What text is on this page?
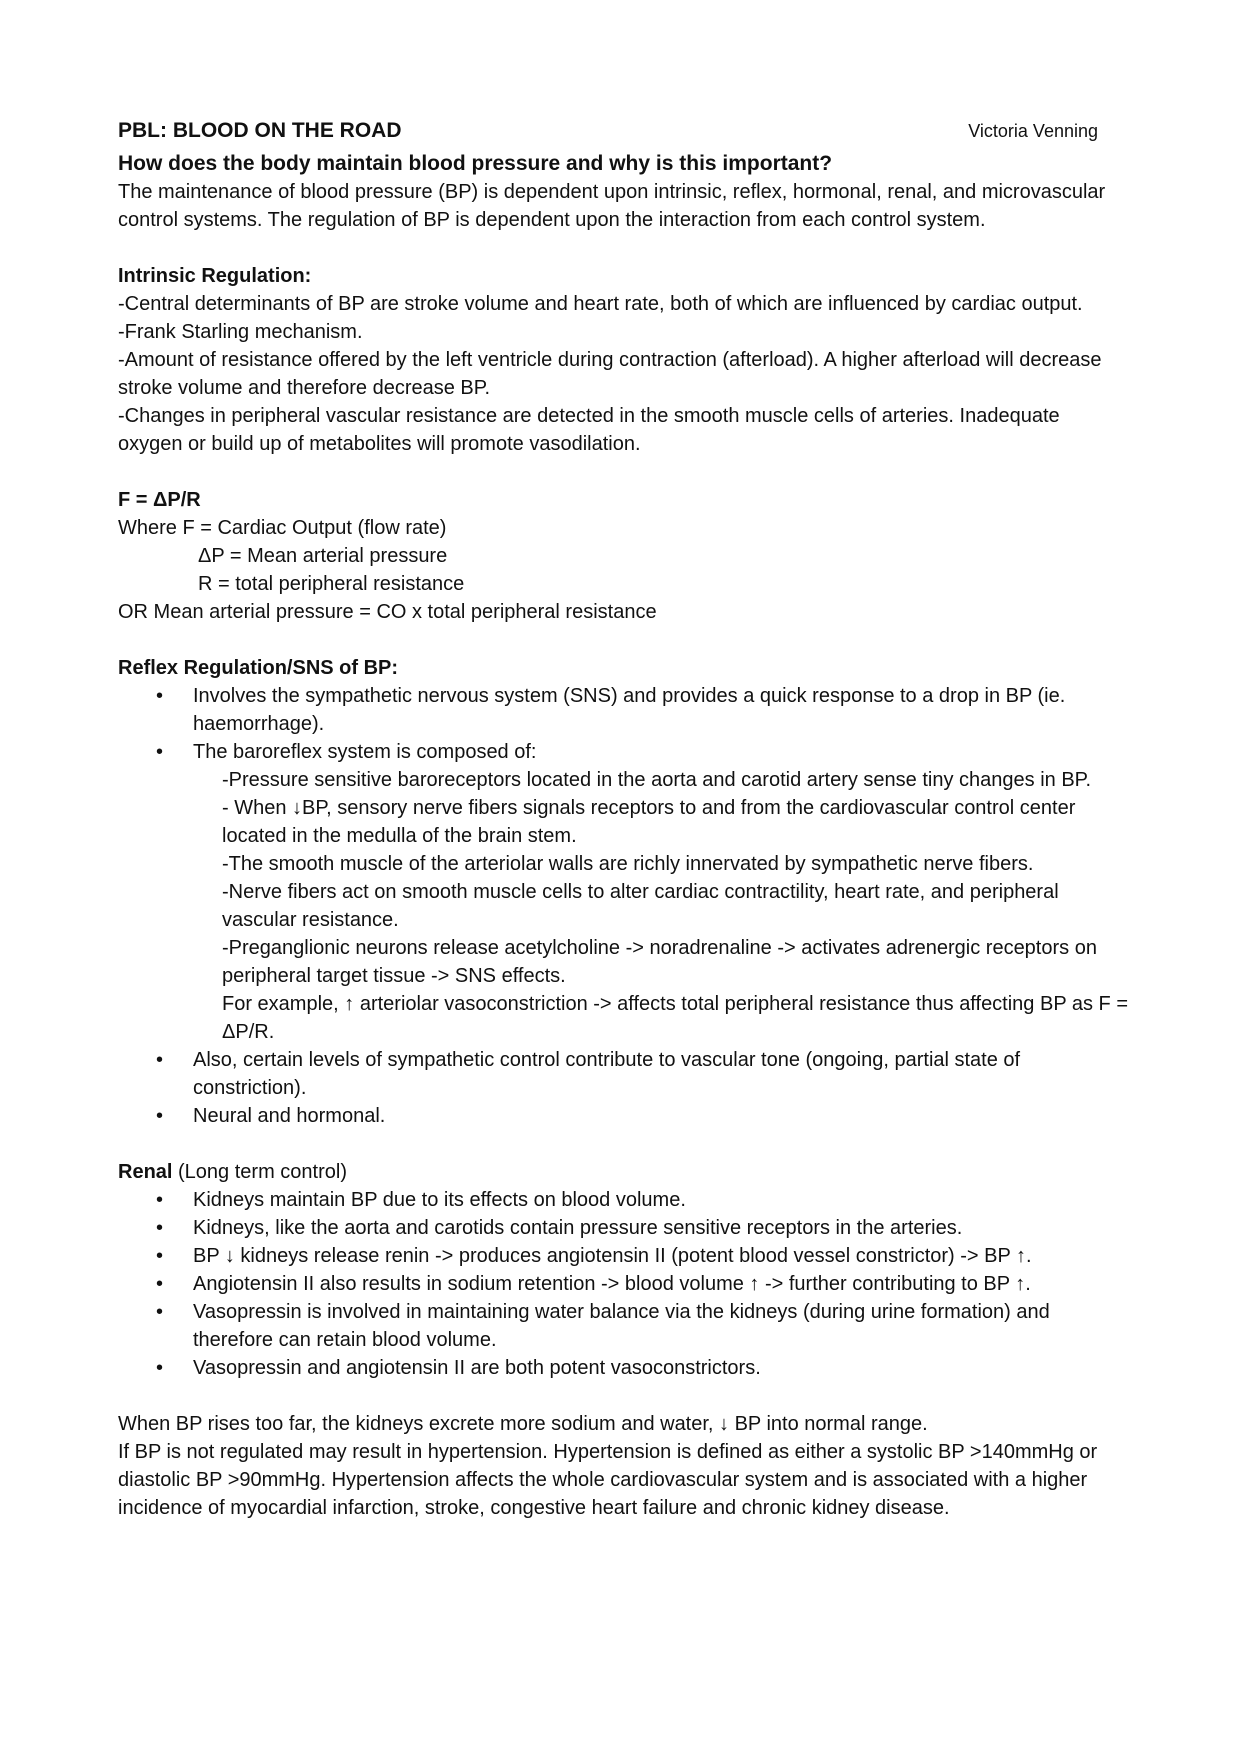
PBL: BLOOD ON THE ROAD	Victoria Venning
How does the body maintain blood pressure and why is this important?

The maintenance of blood pressure (BP) is dependent upon intrinsic, reflex, hormonal, renal, and microvascular control systems. The regulation of BP is dependent upon the interaction from each control system.

Intrinsic Regulation:

-Central determinants of BP are stroke volume and heart rate, both of which are influenced by cardiac output.

-Frank Starling mechanism.

-Amount of resistance offered by the left ventricle during contraction (afterload). A higher afterload will decrease stroke volume and therefore decrease BP.

-Changes in peripheral vascular resistance are detected in the smooth muscle cells of arteries. Inadequate oxygen or build up of metabolites will promote vasodilation.

F = ΔP/R

Where F = Cardiac Output (flow rate)

ΔP = Mean arterial pressure

R = total peripheral resistance

OR Mean arterial pressure = CO x total peripheral resistance

Reflex Regulation/SNS of BP:

• Involves the sympathetic nervous system (SNS) and provides a quick response to a drop in BP (ie. haemorrhage).
• The baroreflex system is composed of:

-Pressure sensitive baroreceptors located in the aorta and carotid artery sense tiny changes in BP.

- When ↓BP, sensory nerve fibers signals receptors to and from the cardiovascular control center located in the medulla of the brain stem.

-The smooth muscle of the arteriolar walls are richly innervated by sympathetic nerve fibers.

-Nerve fibers act on smooth muscle cells to alter cardiac contractility, heart rate, and peripheral vascular resistance.

-Preganglionic neurons release acetylcholine -> noradrenaline -> activates adrenergic receptors on peripheral target tissue -> SNS effects.

For example, ↑ arteriolar vasoconstriction -> affects total peripheral resistance thus affecting BP as F = ΔP/R.

• Also, certain levels of sympathetic control contribute to vascular tone (ongoing, partial state of constriction).
• Neural and hormonal.

Renal (Long term control)

• Kidneys maintain BP due to its effects on blood volume.
• Kidneys, like the aorta and carotids contain pressure sensitive receptors in the arteries.
• BP ↓ kidneys release renin -> produces angiotensin II (potent blood vessel constrictor) -> BP ↑.
• Angiotensin II also results in sodium retention -> blood volume ↑ -> further contributing to BP ↑.
• Vasopressin is involved in maintaining water balance via the kidneys (during urine formation) and therefore can retain blood volume.
• Vasopressin and angiotensin II are both potent vasoconstrictors.

When BP rises too far, the kidneys excrete more sodium and water, ↓ BP into normal range.

If BP is not regulated may result in hypertension. Hypertension is defined as either a systolic BP >140mmHg or diastolic BP >90mmHg. Hypertension affects the whole cardiovascular system and is associated with a higher incidence of myocardial infarction, stroke, congestive heart failure and chronic kidney disease.
